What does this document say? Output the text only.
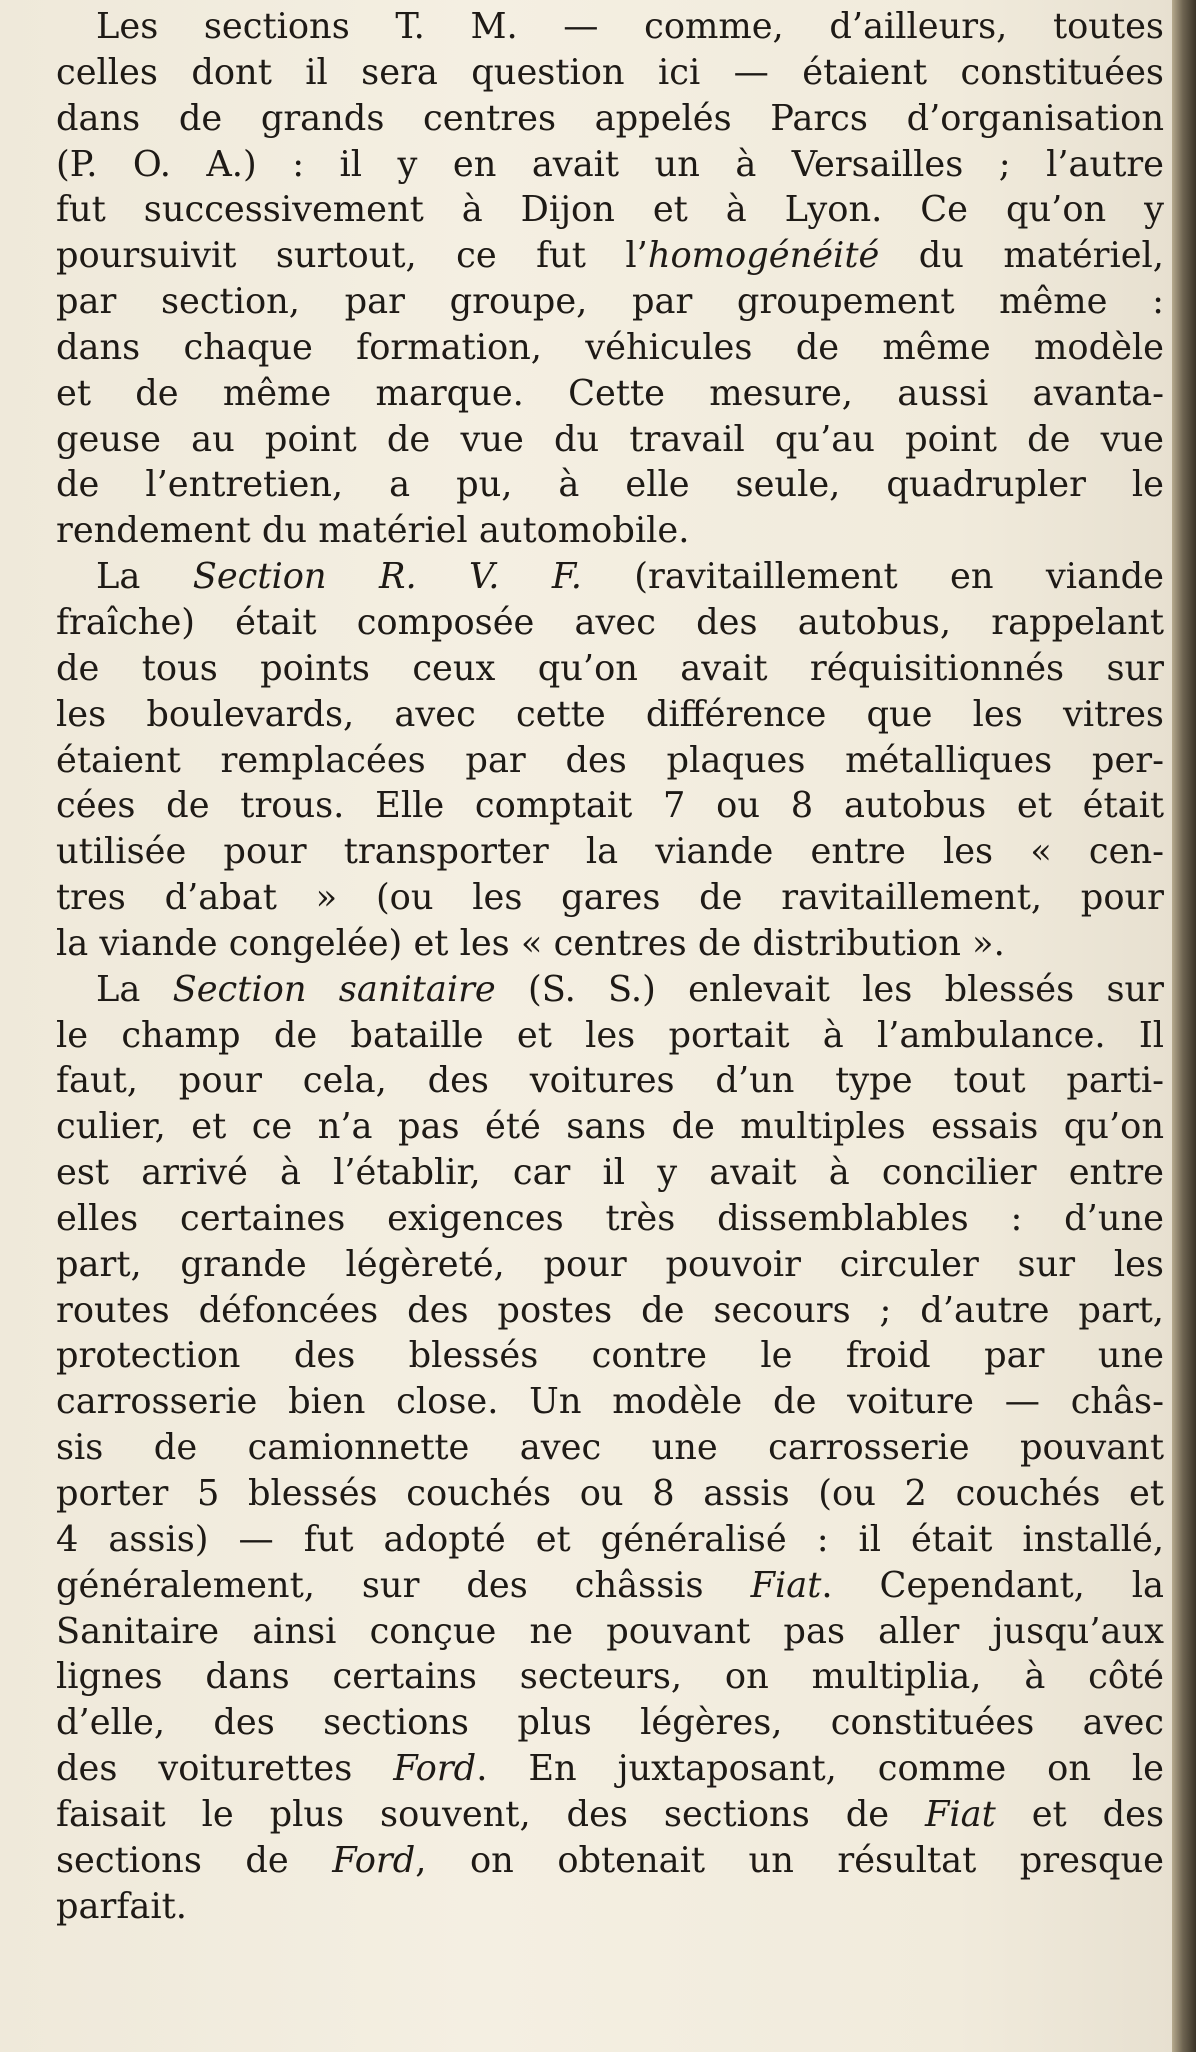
Les sections T. M. — comme, d’ailleurs, toutes
celles dont il sera question ici — étaient constituées
dans de grands centres appelés Parcs d’organisation
(P. O. A.) : il y en avait un à Versailles ; l’autre
fut successivement à Dijon et à Lyon. Ce qu’on y
poursuivit surtout, ce fut l’homogénéité du matériel,
par section, par groupe, par groupement même :
dans chaque formation, véhicules de même modèle
et de même marque. Cette mesure, aussi avanta-
geuse au point de vue du travail qu’au point de vue
de l’entretien, a pu, à elle seule, quadrupler le
rendement du matériel automobile.
La Section R. V. F. (ravitaillement en viande
fraîche) était composée avec des autobus, rappelant
de tous points ceux qu’on avait réquisitionnés sur
les boulevards, avec cette différence que les vitres
étaient remplacées par des plaques métalliques per-
cées de trous. Elle comptait 7 ou 8 autobus et était
utilisée pour transporter la viande entre les « cen-
tres d’abat » (ou les gares de ravitaillement, pour
la viande congelée) et les « centres de distribution ».
La Section sanitaire (S. S.) enlevait les blessés sur
le champ de bataille et les portait à l’ambulance. Il
faut, pour cela, des voitures d’un type tout parti-
culier, et ce n’a pas été sans de multiples essais qu’on
est arrivé à l’établir, car il y avait à concilier entre
elles certaines exigences très dissemblables : d’une
part, grande légèreté, pour pouvoir circuler sur les
routes défoncées des postes de secours ; d’autre part,
protection des blessés contre le froid par une
carrosserie bien close. Un modèle de voiture — châs-
sis de camionnette avec une carrosserie pouvant
porter 5 blessés couchés ou 8 assis (ou 2 couchés et
4 assis) — fut adopté et généralisé : il était installé,
généralement, sur des châssis Fiat. Cependant, la
Sanitaire ainsi conçue ne pouvant pas aller jusqu’aux
lignes dans certains secteurs, on multiplia, à côté
d’elle, des sections plus légères, constituées avec
des voiturettes Ford. En juxtaposant, comme on le
faisait le plus souvent, des sections de Fiat et des
sections de Ford, on obtenait un résultat presque
parfait.
